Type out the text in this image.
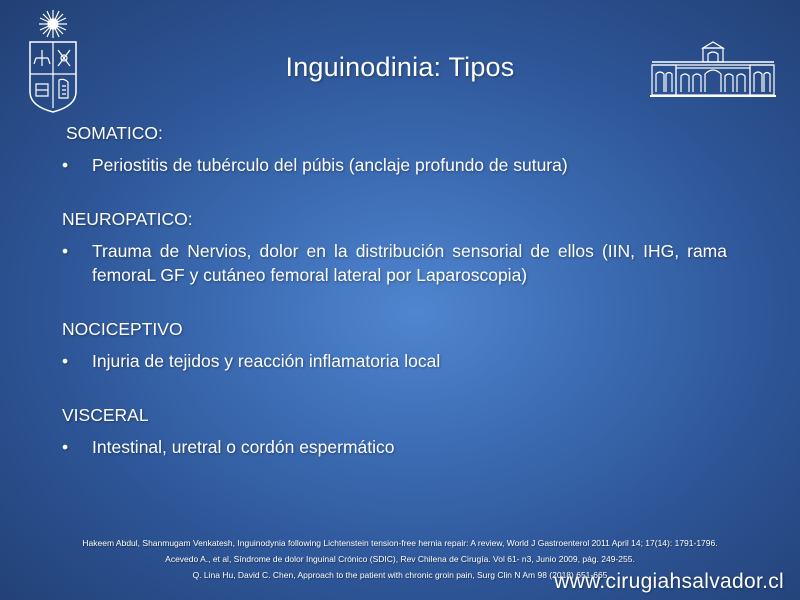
Inguinodinia: Tipos

SOMATICO:

•	Periostitis de tubérculo del púbis (anclaje profundo de sutura)

NEUROPATICO:

•	Trauma de Nervios, dolor en la distribución sensorial de ellos (IIN, IHG, rama femoraL GF y cutáneo femoral lateral por Laparoscopia)

NOCICEPTIVO

•	Injuria de tejidos y reacción inflamatoria local

VISCERAL

•	Intestinal, uretral o cordón espermático
Hakeem Abdul, Shanmugam Venkatesh, Inguinodynia following Lichtenstein tension-free hernia repair: A review, World J Gastroenterol 2011 April 14; 17(14): 1791-1796.
Acevedo A., et al, Síndrome de dolor Inguinal Crónico (SDIC), Rev Chilena de Cirugía. Vol 61- n3, Junio 2009, pág. 249-255.
Q. Lina Hu, David C. Chen, Approach to the patient with chronic groin pain, Surg Clin N Am 98 (2018) 651-665
www.cirugiahsalvador.cl
